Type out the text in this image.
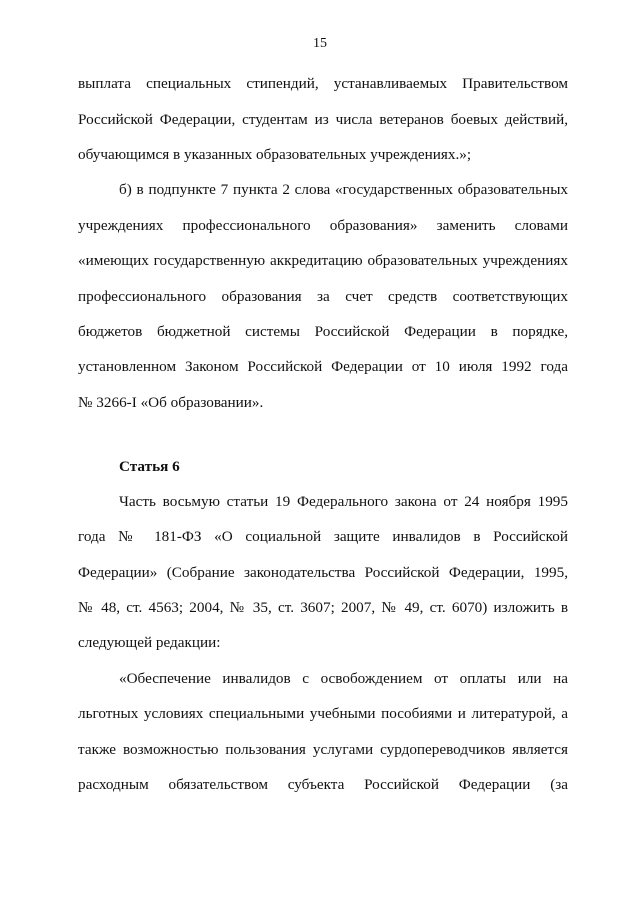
15
выплата специальных стипендий, устанавливаемых Правительством
Российской Федерации, студентам из числа ветеранов боевых действий,
обучающимся в указанных образовательных учреждениях.»;
б) в подпункте 7 пункта 2 слова «государственных образовательных
учреждениях профессионального образования» заменить словами
«имеющих государственную аккредитацию образовательных учреждениях
профессионального образования за счет средств соответствующих
бюджетов бюджетной системы Российской Федерации в порядке,
установленном Законом Российской Федерации от 10 июля 1992 года
№ 3266-I «Об образовании».
Статья 6
Часть восьмую статьи 19 Федерального закона от 24 ноября 1995
года № 181-ФЗ «О социальной защите инвалидов в Российской
Федерации» (Собрание законодательства Российской Федерации, 1995,
№ 48, ст. 4563; 2004, № 35, ст. 3607; 2007, № 49, ст. 6070) изложить в
следующей редакции:
«Обеспечение инвалидов с освобождением от оплаты или на
льготных условиях специальными учебными пособиями и литературой, а
также возможностью пользования услугами сурдопереводчиков является
расходным обязательством субъекта Российской Федерации (за
